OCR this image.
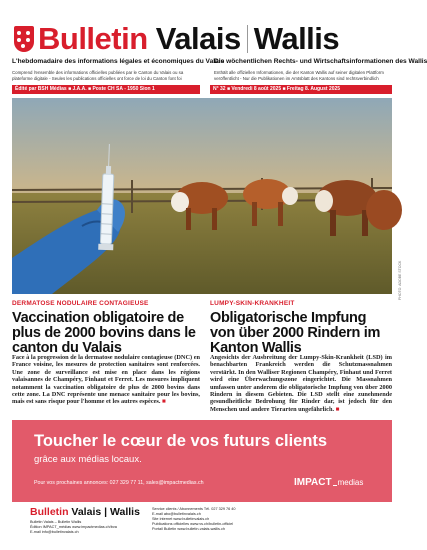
Bulletin Valais Wallis
L'hebdomadaire des informations légales et économiques du Valais
Die wöchentlichen Rechts- und Wirtschaftsinformationen des Wallis
Comprend l'ensemble des informations officielles publiées par le Canton du Valais ou sa plateforme digitale - Seules les publications officielles ont force de loi du Canton font foi
Enthält alle offiziellen Informationen, die der Kanton Wallis auf seiner digitalen Plattform veröffentlicht - Nur die Publikationen im Amtsblatt des Kantons sind rechtsverbindlich
Édité par BSH Médias ■ J.A.A. ■ Poste CH SA - 1950 Sion 1	N° 32 ■ Vendredi 8 août 2025 ■ Freitag 8. August 2025
PHOTO: ADOBE STOCK
DERMATOSE NODULAIRE CONTAGIEUSE	LUMPY-SKIN-KRANKHEIT
Vaccination obligatoire de plus de 2000 bovins dans le canton du Valais
Obligatorische Impfung von über 2000 Rindern im Kanton Wallis
Face à la progression de la dermatose nodulaire contagieuse (DNC) en France voisine, les mesures de protection sanitaires sont renforcées. Une zone de surveillance est mise en place dans les régions valaisannes de Champéry, Finhaut et Ferret. Les mesures impliquent notamment la vaccination obligatoire de plus de 2000 bovins dans cette zone. La DNC représente une menace sanitaire pour les bovins, mais est sans risque pour l'homme et les autres espèces. ■
Angesichts der Ausbreitung der Lumpy-Skin-Krankheit (LSD) im benachbarten Frankreich werden die Schutzmassnahmen verstärkt. In den Walliser Regionen Champéry, Finhaut und Ferret wird eine Überwachungszone eingerichtet. Die Massnahmen umfassen unter anderem die obligatorische Impfung von über 2000 Rindern in diesem Gebieten. Die LSD stellt eine zunehmende gesundheitliche Bedrohung für Rinder dar, ist jedoch für den Menschen und andere Tierarten ungefährlich. ■
Toucher le cœur de vos futurs clients
grâce aux médias locaux.
Pour vos prochaines annonces: 027 329 77 11, sales@impactmedias.ch	IMPACT medias
Bulletin Valais | Wallis
Bulletin Valais – Bulletin Wallis
Édition IMPACT_médias www.impactmedias.ch/bva
E-mail info@bulletinvalais.ch
Service clients / Abonnements Tél. 027 329 76 40
E-mail abo@bulletinvalais.ch
Site internet www.bulletinvalais.ch
Publications officielles www.vs.ch/bulletin-officiel
Portail Bulletin www.bulletin-valais-wallis.ch
